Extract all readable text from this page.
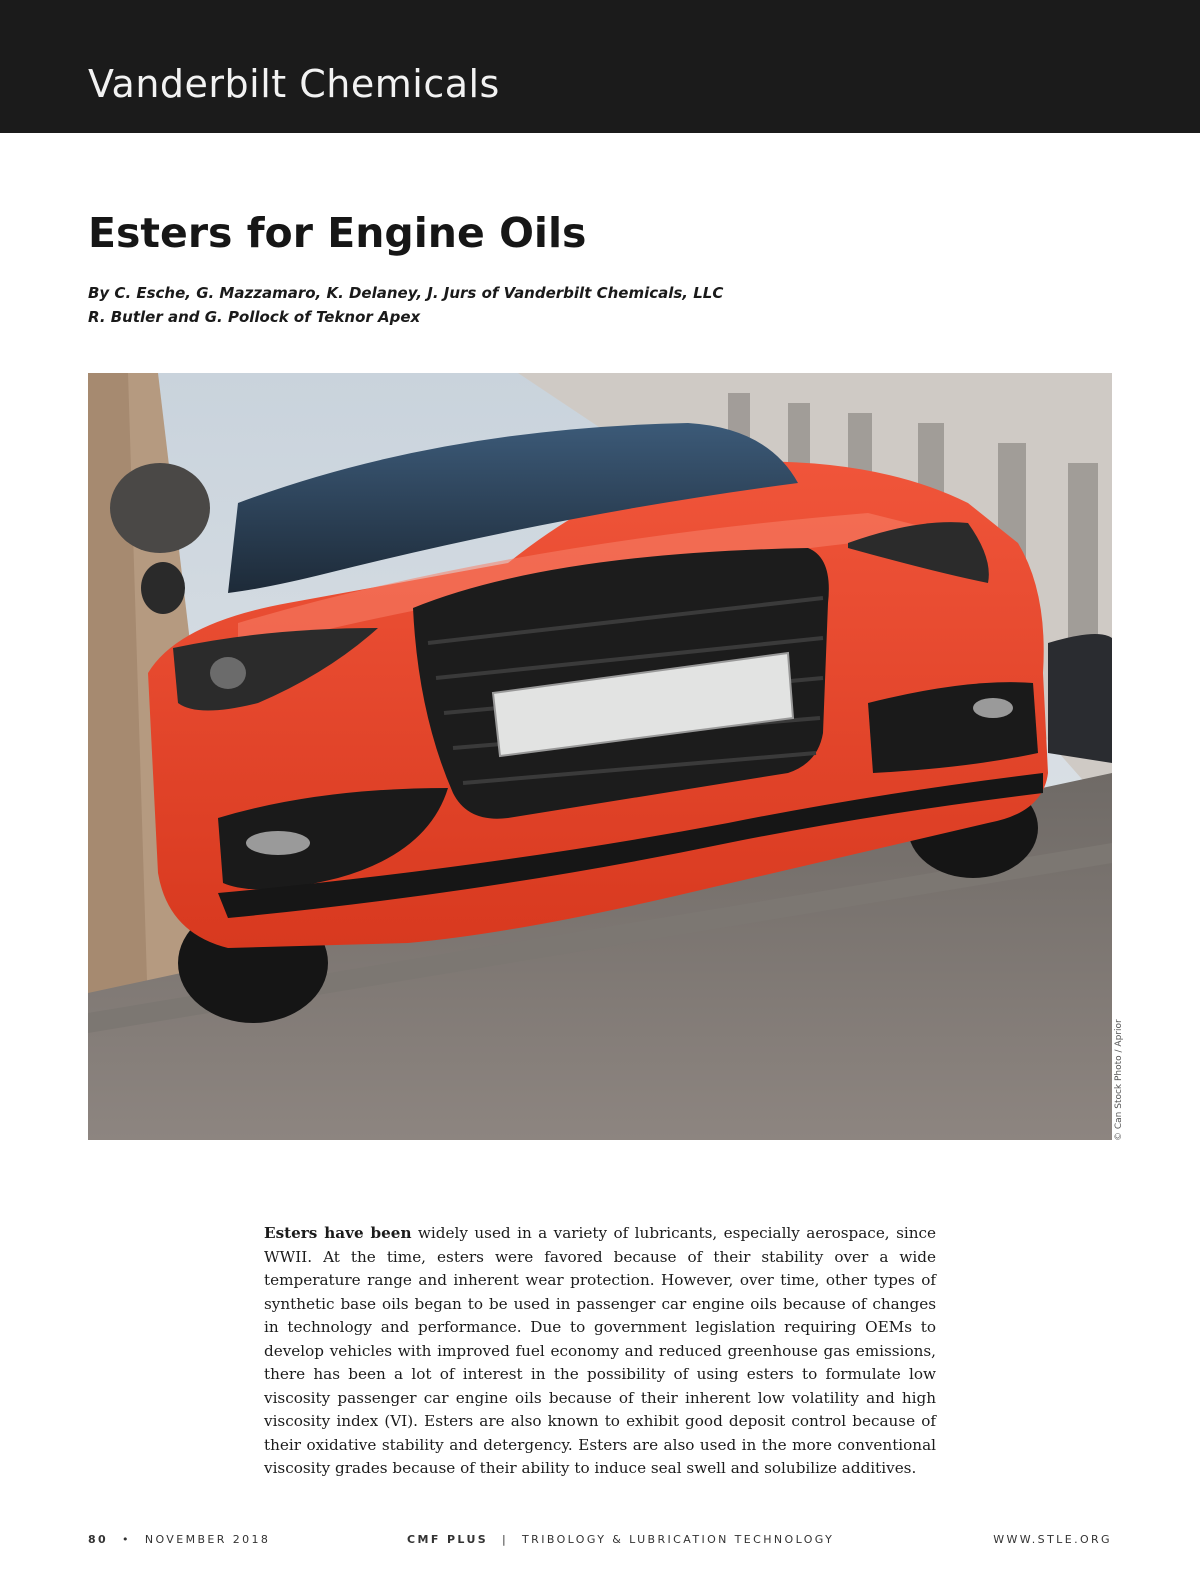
Vanderbilt Chemicals
Esters for Engine Oils
By C. Esche, G. Mazzamaro, K. Delaney, J. Jurs of Vanderbilt Chemicals, LLC
R. Butler and G. Pollock of Teknor Apex
© Can Stock Photo / Aprior
Esters have been widely used in a variety of lubricants, especially aerospace, since WWII. At the time, esters were favored because of their stability over a wide temperature range and inherent wear protection. However, over time, other types of synthetic base oils began to be used in passenger car engine oils because of changes in technology and performance. Due to government legislation requiring OEMs to develop vehicles with improved fuel economy and reduced greenhouse gas emissions, there has been a lot of interest in the possibility of using esters to formulate low viscosity passenger car engine oils because of their inherent low volatility and high viscosity index (VI). Esters are also known to exhibit good deposit control because of their oxidative stability and detergency. Esters are also used in the more conventional viscosity grades because of their ability to induce seal swell and solubilize additives.
80 • NOVEMBER 2018	CMF PLUS | TRIBOLOGY & LUBRICATION TECHNOLOGY	WWW.STLE.ORG
